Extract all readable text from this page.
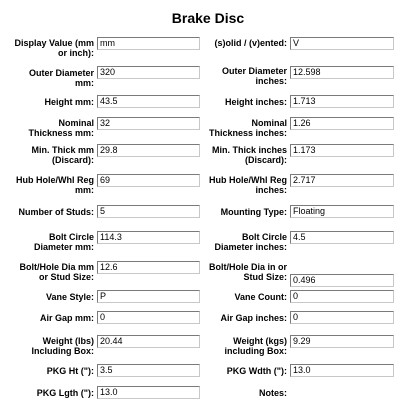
Brake Disc
Display Value (mm or inch):
mm	(s)olid / (v)ented: V
Outer Diameter mm:
320	Outer Diameter inches:
12.598
Height mm: 43.5	Height inches: 1.713
Nominal Thickness mm:
32	Nominal Thickness inches:
1.26
Min. Thick mm (Discard):
29.8	Min. Thick inches (Discard):
1.173
Hub Hole/Whl Reg mm:
69	Hub Hole/Whl Reg inches:
2.717
Number of Studs: 5	Mounting Type: Floating
Bolt Circle Diameter mm:
114.3	Bolt Circle Diameter inches:
4.5
Bolt/Hole Dia mm or Stud Size:
12.6	Bolt/Hole Dia in or Stud Size: 0.496
Vane Style: P	Vane Count: 0
Air Gap mm: 0	Air Gap inches: 0
Weight (lbs) Including Box:
20.44	Weight (kgs) including Box:
9.29
PKG Ht ("): 3.5	PKG Wdth ("): 13.0
PKG Lgth ("): 13.0	Notes:
